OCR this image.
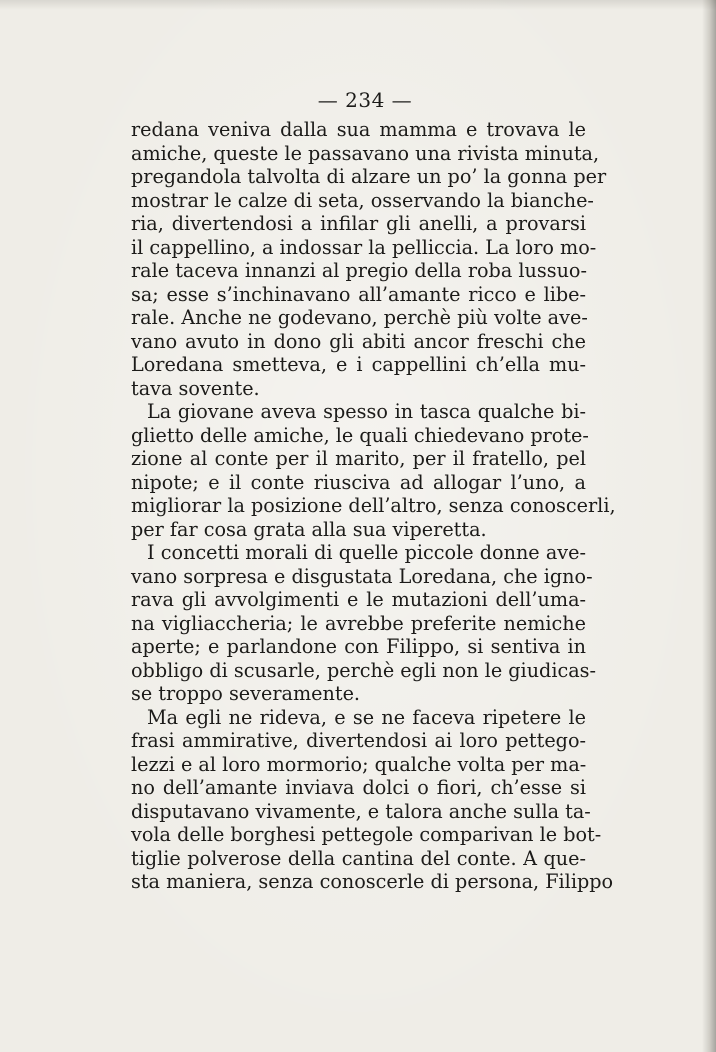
— 234 —
redana veniva dalla sua mamma e trovava le
amiche, queste le passavano una rivista minuta,
pregandola talvolta di alzare un po’ la gonna per
mostrar le calze di seta, osservando la bianche-
ria, divertendosi a infilar gli anelli, a provarsi
il cappellino, a indossar la pelliccia. La loro mo-
rale taceva innanzi al pregio della roba lussuo-
sa; esse s’inchinavano all’amante ricco e libe-
rale. Anche ne godevano, perchè più volte ave-
vano avuto in dono gli abiti ancor freschi che
Loredana smetteva, e i cappellini ch’ella mu-
tava sovente.
La giovane aveva spesso in tasca qualche bi-
glietto delle amiche, le quali chiedevano prote-
zione al conte per il marito, per il fratello, pel
nipote; e il conte riusciva ad allogar l’uno, a
migliorar la posizione dell’altro, senza conoscerli,
per far cosa grata alla sua viperetta.
I concetti morali di quelle piccole donne ave-
vano sorpresa e disgustata Loredana, che igno-
rava gli avvolgimenti e le mutazioni dell’uma-
na vigliaccheria; le avrebbe preferite nemiche
aperte; e parlandone con Filippo, si sentiva in
obbligo di scusarle, perchè egli non le giudicas-
se troppo severamente.
Ma egli ne rideva, e se ne faceva ripetere le
frasi ammirative, divertendosi ai loro pettego-
lezzi e al loro mormorio; qualche volta per ma-
no dell’amante inviava dolci o fiori, ch’esse si
disputavano vivamente, e talora anche sulla ta-
vola delle borghesi pettegole comparivan le bot-
tiglie polverose della cantina del conte. A que-
sta maniera, senza conoscerle di persona, Filippo
